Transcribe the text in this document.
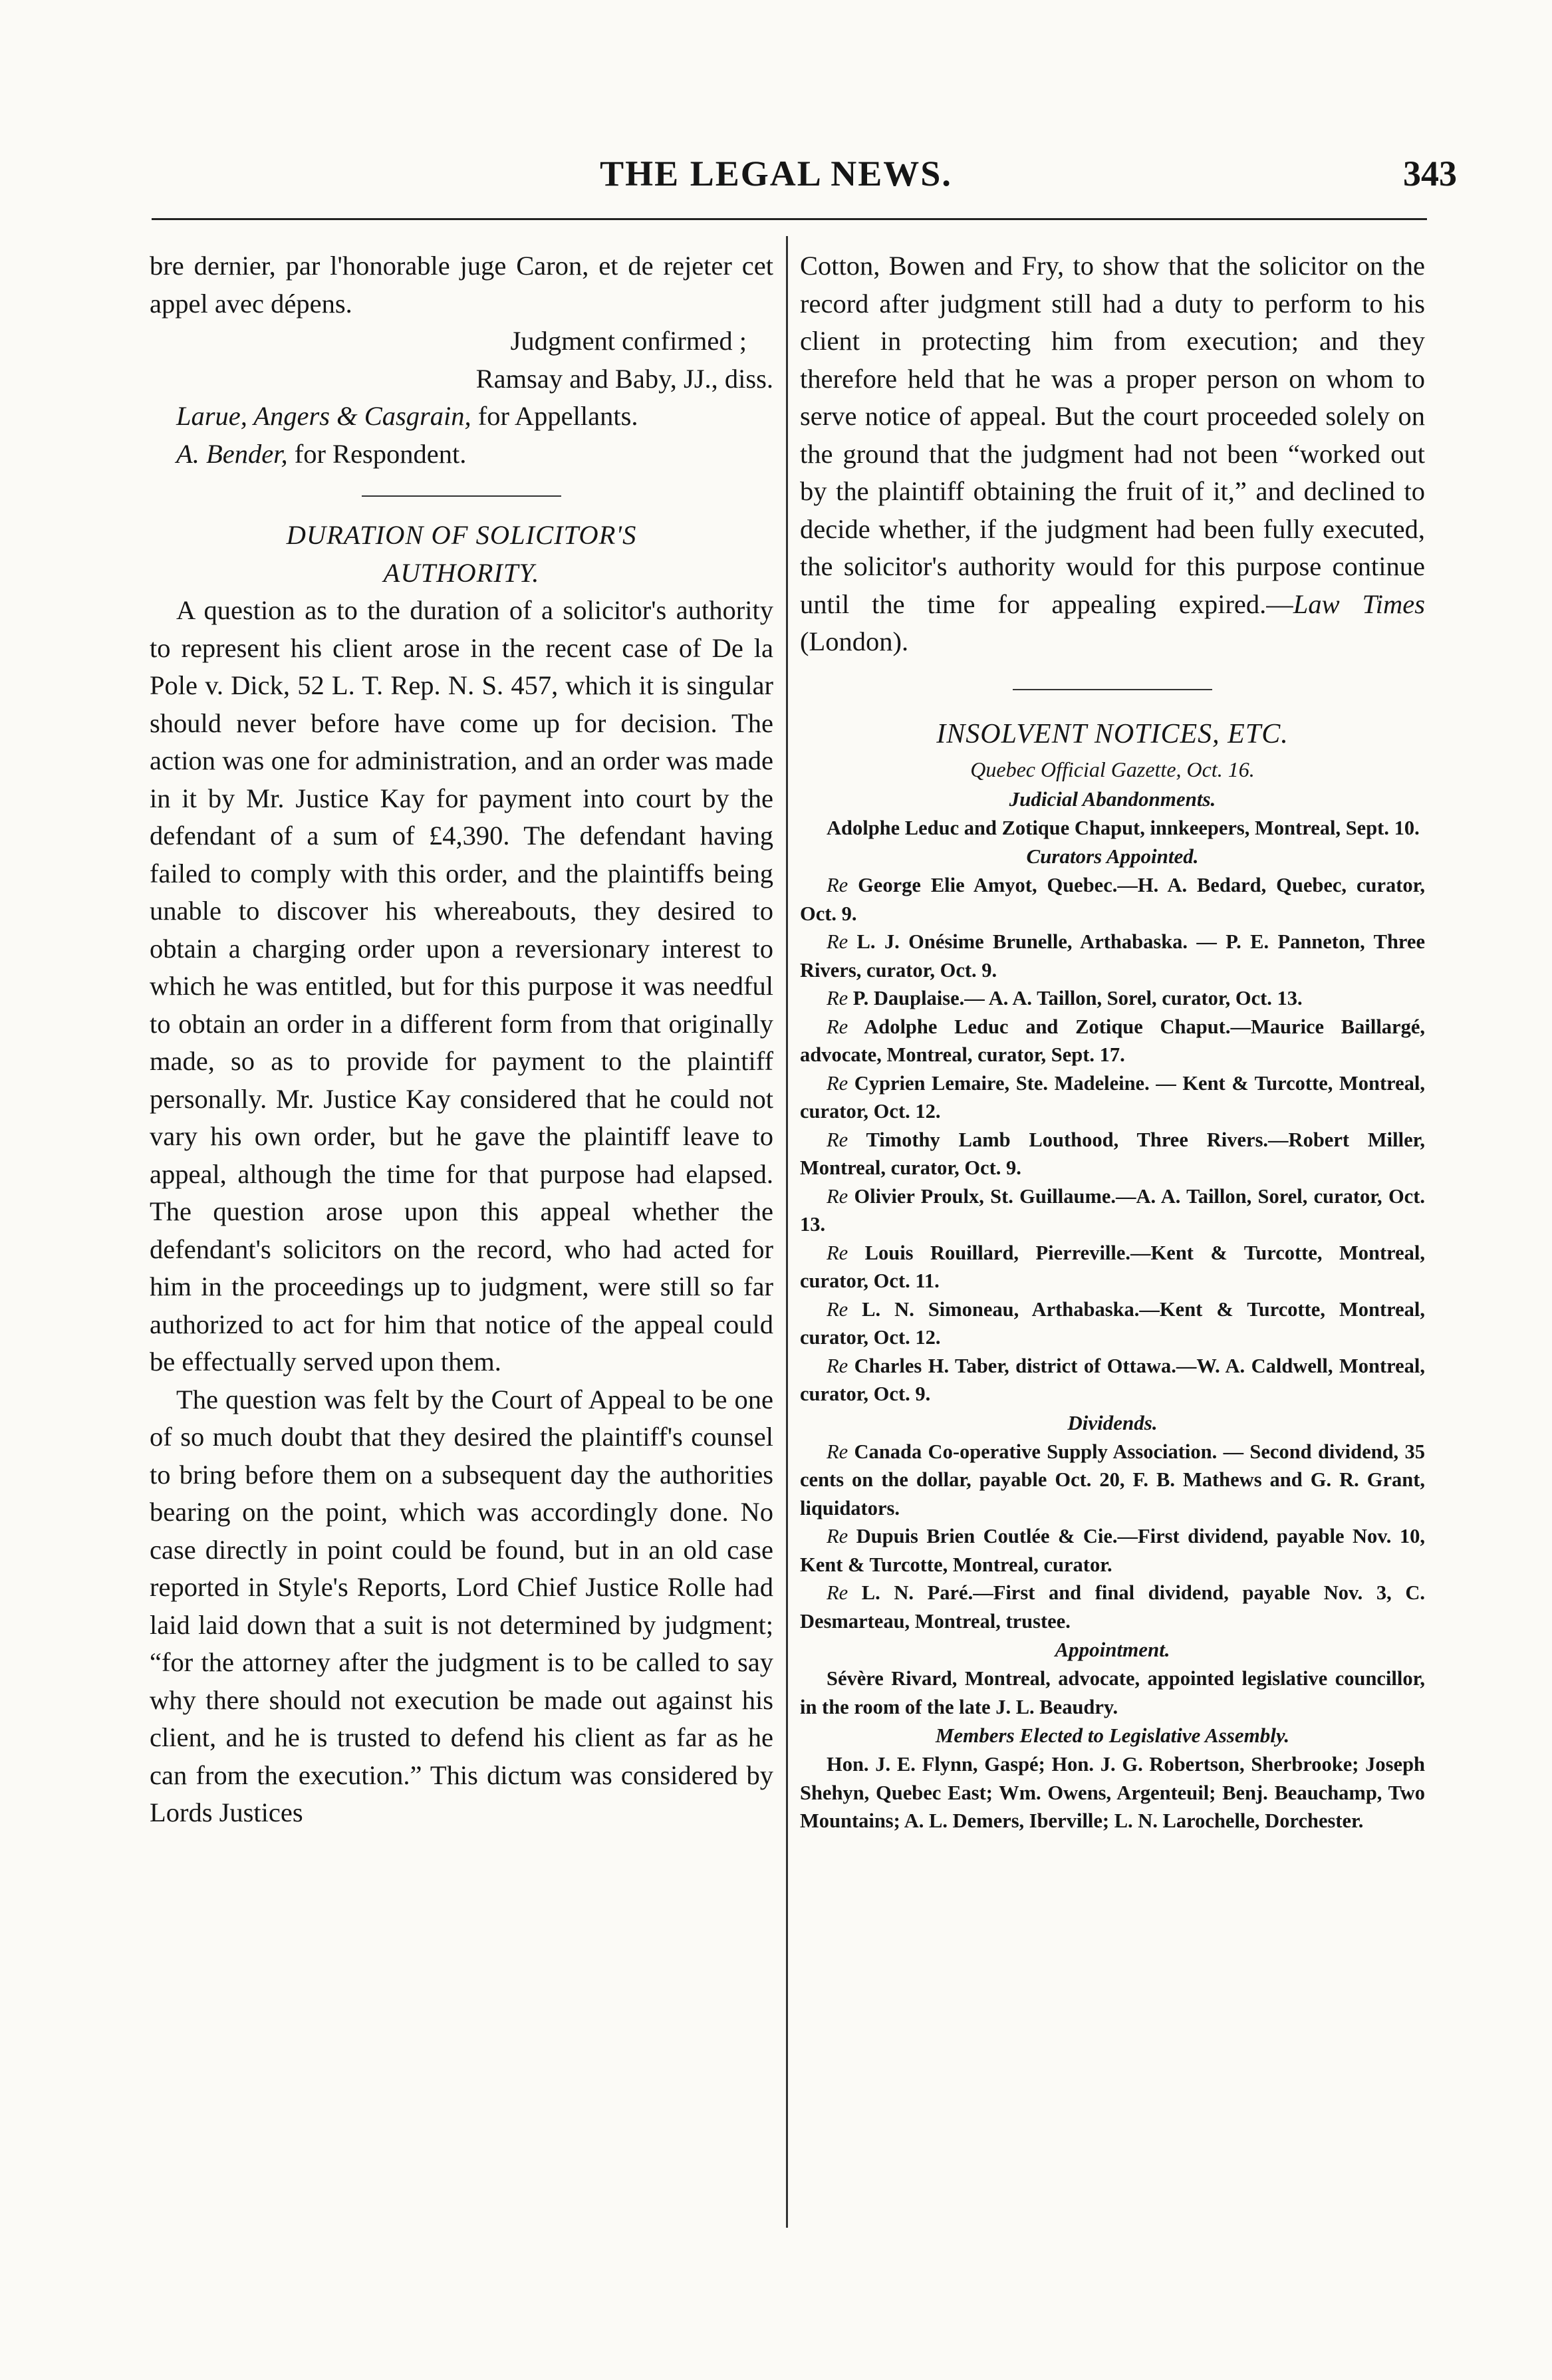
THE LEGAL NEWS.	343

bre dernier, par l'honorable juge Caron, et de rejeter cet appel avec dépens.

Judgment confirmed ;

Ramsay and Baby, JJ., diss.

Larue, Angers & Casgrain, for Appellants.

A. Bender, for Respondent.

DURATION OF SOLICITOR'S

AUTHORITY.

A question as to the duration of a solicitor's authority to represent his client arose in the recent case of De la Pole v. Dick, 52 L. T. Rep. N. S. 457, which it is singular should never before have come up for decision. The action was one for administration, and an order was made in it by Mr. Justice Kay for payment into court by the defendant of a sum of £4,390. The defendant having failed to comply with this order, and the plaintiffs being unable to discover his whereabouts, they desired to obtain a charging order upon a reversionary interest to which he was entitled, but for this purpose it was needful to obtain an order in a different form from that originally made, so as to provide for payment to the plaintiff personally. Mr. Justice Kay considered that he could not vary his own order, but he gave the plaintiff leave to appeal, although the time for that purpose had elapsed. The question arose upon this appeal whether the defendant's solicitors on the record, who had acted for him in the proceedings up to judgment, were still so far authorized to act for him that notice of the appeal could be effectually served upon them.

The question was felt by the Court of Appeal to be one of so much doubt that they desired the plaintiff's counsel to bring before them on a subsequent day the authorities bearing on the point, which was accordingly done. No case directly in point could be found, but in an old case reported in Style's Reports, Lord Chief Justice Rolle had laid laid down that a suit is not determined by judgment; “for the attorney after the judgment is to be called to say why there should not execution be made out against his client, and he is trusted to defend his client as far as he can from the execution.” This dictum was considered by Lords Justices

Cotton, Bowen and Fry, to show that the solicitor on the record after judgment still had a duty to perform to his client in protecting him from execution; and they therefore held that he was a proper person on whom to serve notice of appeal. But the court proceeded solely on the ground that the judgment had not been “worked out by the plaintiff obtaining the fruit of it,” and declined to decide whether, if the judgment had been fully executed, the solicitor's authority would for this purpose continue until the time for appealing expired.—Law Times (London).

INSOLVENT NOTICES, ETC.

Quebec Official Gazette, Oct. 16.

Judicial Abandonments.

Adolphe Leduc and Zotique Chaput, innkeepers, Montreal, Sept. 10.

Curators Appointed.

Re George Elie Amyot, Quebec.—H. A. Bedard, Quebec, curator, Oct. 9.

Re L. J. Onésime Brunelle, Arthabaska. — P. E. Panneton, Three Rivers, curator, Oct. 9.

Re P. Dauplaise.— A. A. Taillon, Sorel, curator, Oct. 13.

Re Adolphe Leduc and Zotique Chaput.—Maurice Baillargé, advocate, Montreal, curator, Sept. 17.

Re Cyprien Lemaire, Ste. Madeleine. — Kent & Turcotte, Montreal, curator, Oct. 12.

Re Timothy Lamb Louthood, Three Rivers.—Robert Miller, Montreal, curator, Oct. 9.

Re Olivier Proulx, St. Guillaume.—A. A. Taillon, Sorel, curator, Oct. 13.

Re Louis Rouillard, Pierreville.—Kent & Turcotte, Montreal, curator, Oct. 11.

Re L. N. Simoneau, Arthabaska.—Kent & Turcotte, Montreal, curator, Oct. 12.

Re Charles H. Taber, district of Ottawa.—W. A. Caldwell, Montreal, curator, Oct. 9.

Dividends.

Re Canada Co-operative Supply Association. — Second dividend, 35 cents on the dollar, payable Oct. 20, F. B. Mathews and G. R. Grant, liquidators.

Re Dupuis Brien Coutlée & Cie.—First dividend, payable Nov. 10, Kent & Turcotte, Montreal, curator.

Re L. N. Paré.—First and final dividend, payable Nov. 3, C. Desmarteau, Montreal, trustee.

Appointment.

Sévère Rivard, Montreal, advocate, appointed legislative councillor, in the room of the late J. L. Beaudry.

Members Elected to Legislative Assembly.

Hon. J. E. Flynn, Gaspé; Hon. J. G. Robertson, Sherbrooke; Joseph Shehyn, Quebec East; Wm. Owens, Argenteuil; Benj. Beauchamp, Two Mountains; A. L. Demers, Iberville; L. N. Larochelle, Dorchester.
